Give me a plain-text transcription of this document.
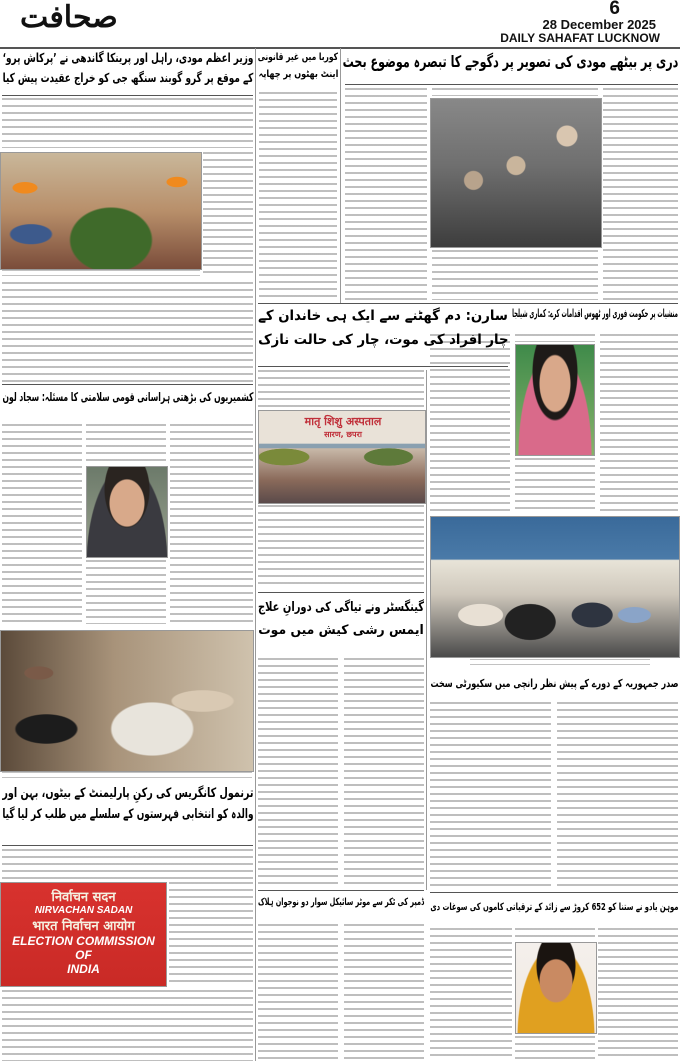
صحافت	6
28 December 2025
DAILY SAHAFAT LUCKNOW
دری پر بیٹھے مودی کی تصویر پر دگوجے کا تبصرہ موضوع بحث
کوربا میں غیر قانونی
اینٹ بھٹوں پر چھاپہ
وزیر اعظم مودی، راہل اور پرینکا گاندھی نے ’پرکاش پرو‘
کے موقع پر گرو گوبند سنگھ جی کو خراج عقیدت پیش کیا
کشمیریوں کی بڑھتی ہراسانی قومی سلامتی کا مسئلہ: سجاد لون
ترنمول کانگریس کی رکنِ پارلیمنٹ کے بیٹوں، بہن اور
والدہ کو انتخابی فہرستوں کے سلسلے میں طلب کر لیا گیا
निर्वाचन सदन
NIRVACHAN SADAN
भारत निर्वाचन आयोग
ELECTION COMMISSION
OF
INDIA
منشیات پر حکومت فوری اور ٹھوس اقدامات کرے: کماری شیلجا
سارن: دم گھٹنے سے ایک ہی خاندان کے
چار افراد کی موت، چار کی حالت نازک
मातृ शिशु अस्पताल
सारण, छपरा
صدر جمہوریہ کے دورے کے پیش نظر رانچی میں سکیورٹی سخت
گینگسٹر ونے تیاگی کی دورانِ علاج
ایمس رشی کیش میں موت
ڈمپر کی ٹکر سے موٹر سائیکل سوار دو نوجوان ہلاک موہن یادو نے ستنا کو 652 کروڑ سے زائد کے ترقیاتی کاموں کی سوغات دی
